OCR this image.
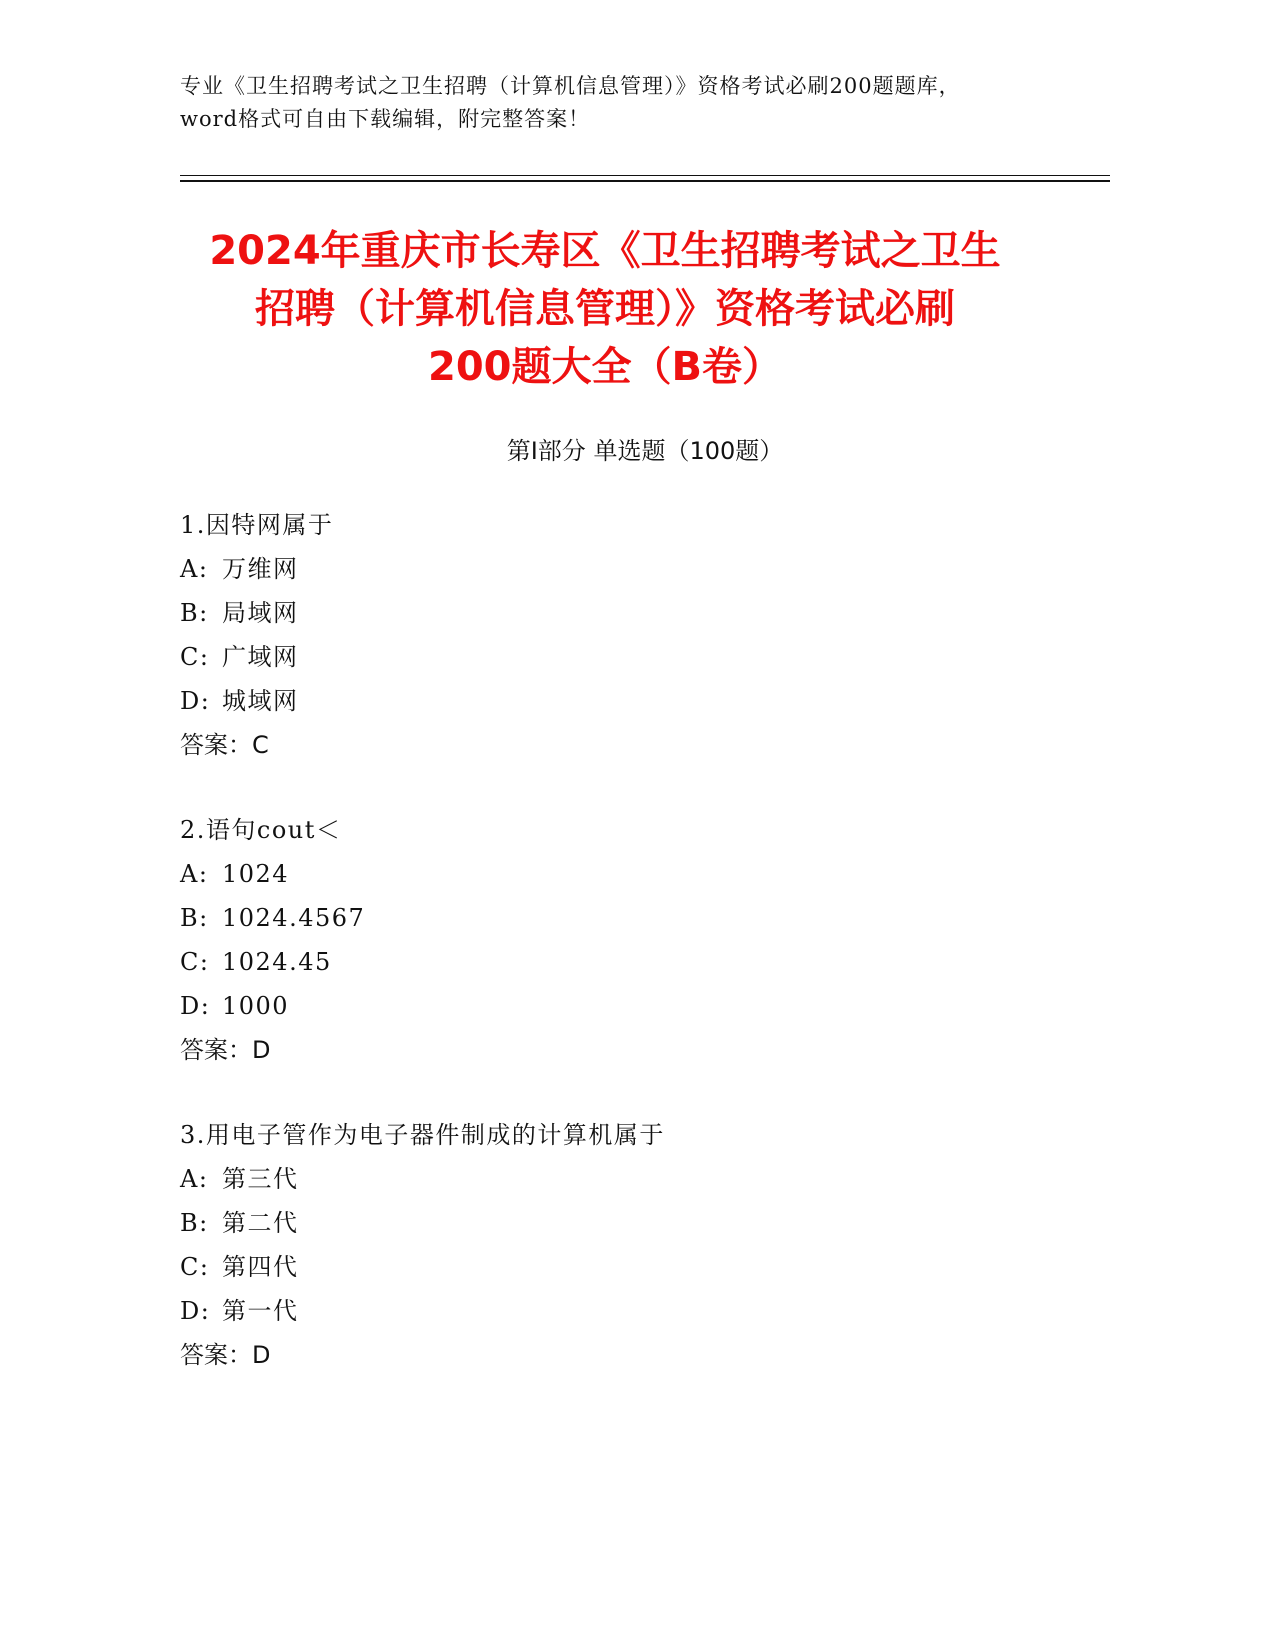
专业《卫生招聘考试之卫生招聘（计算机信息管理）》资格考试必刷200题题库，
word格式可自由下载编辑，附完整答案！
2024年重庆市长寿区《卫生招聘考试之卫生
招聘（计算机信息管理）》资格考试必刷
200题大全（B卷）
第Ⅰ部分 单选题（100题）
1.因特网属于
A: 万维网
B: 局域网
C: 广域网
D: 城域网
答案：C
2.语句cout＜
A: 1024
B: 1024.4567
C: 1024.45
D: 1000
答案：D
3.用电子管作为电子器件制成的计算机属于
A: 第三代
B: 第二代
C: 第四代
D: 第一代
答案：D
